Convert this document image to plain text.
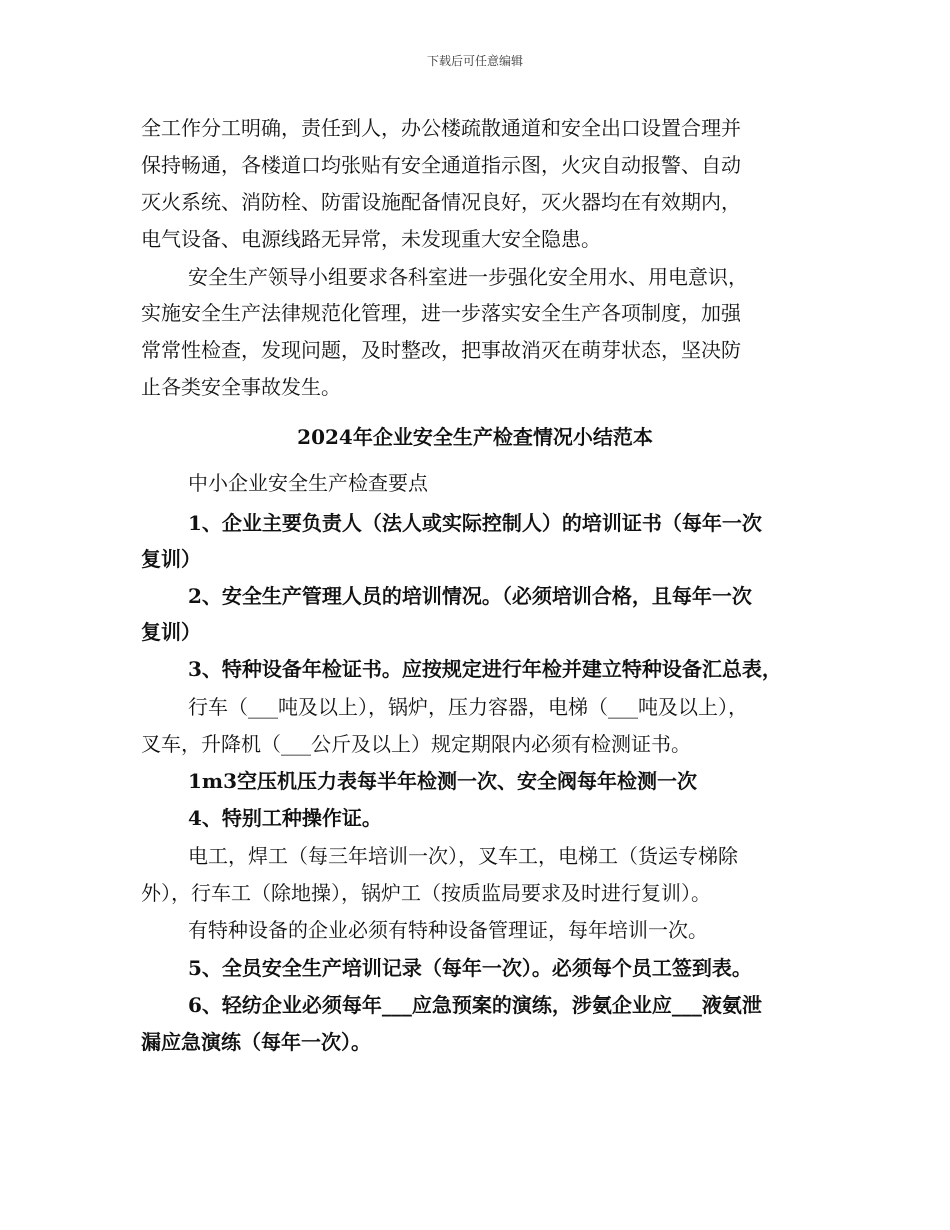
下载后可任意编辑
全工作分工明确，责任到人，办公楼疏散通道和安全出口设置合理并
保持畅通，各楼道口均张贴有安全通道指示图，火灾自动报警、自动
灭火系统、消防栓、防雷设施配备情况良好，灭火器均在有效期内，
电气设备、电源线路无异常，未发现重大安全隐患。
安全生产领导小组要求各科室进一步强化安全用水、用电意识，
实施安全生产法律规范化管理，进一步落实安全生产各项制度，加强
常常性检查，发现问题，及时整改，把事故消灭在萌芽状态，坚决防
止各类安全事故发生。
2024年企业安全生产检查情况小结范本
中小企业安全生产检查要点
1、企业主要负责人（法人或实际控制人）的培训证书（每年一次
复训）
2、安全生产管理人员的培训情况。（必须培训合格，且每年一次
复训）
3、特种设备年检证书。应按规定进行年检并建立特种设备汇总表，
行车（___吨及以上），锅炉，压力容器，电梯（___吨及以上），
叉车，升降机（___公斤及以上）规定期限内必须有检测证书。
1m3空压机压力表每半年检测一次、安全阀每年检测一次
4、特别工种操作证。
电工，焊工（每三年培训一次），叉车工，电梯工（货运专梯除
外），行车工（除地操），锅炉工（按质监局要求及时进行复训）。
有特种设备的企业必须有特种设备管理证，每年培训一次。
5、全员安全生产培训记录（每年一次）。必须每个员工签到表。
6、轻纺企业必须每年___应急预案的演练，涉氨企业应___液氨泄
漏应急演练（每年一次）。
